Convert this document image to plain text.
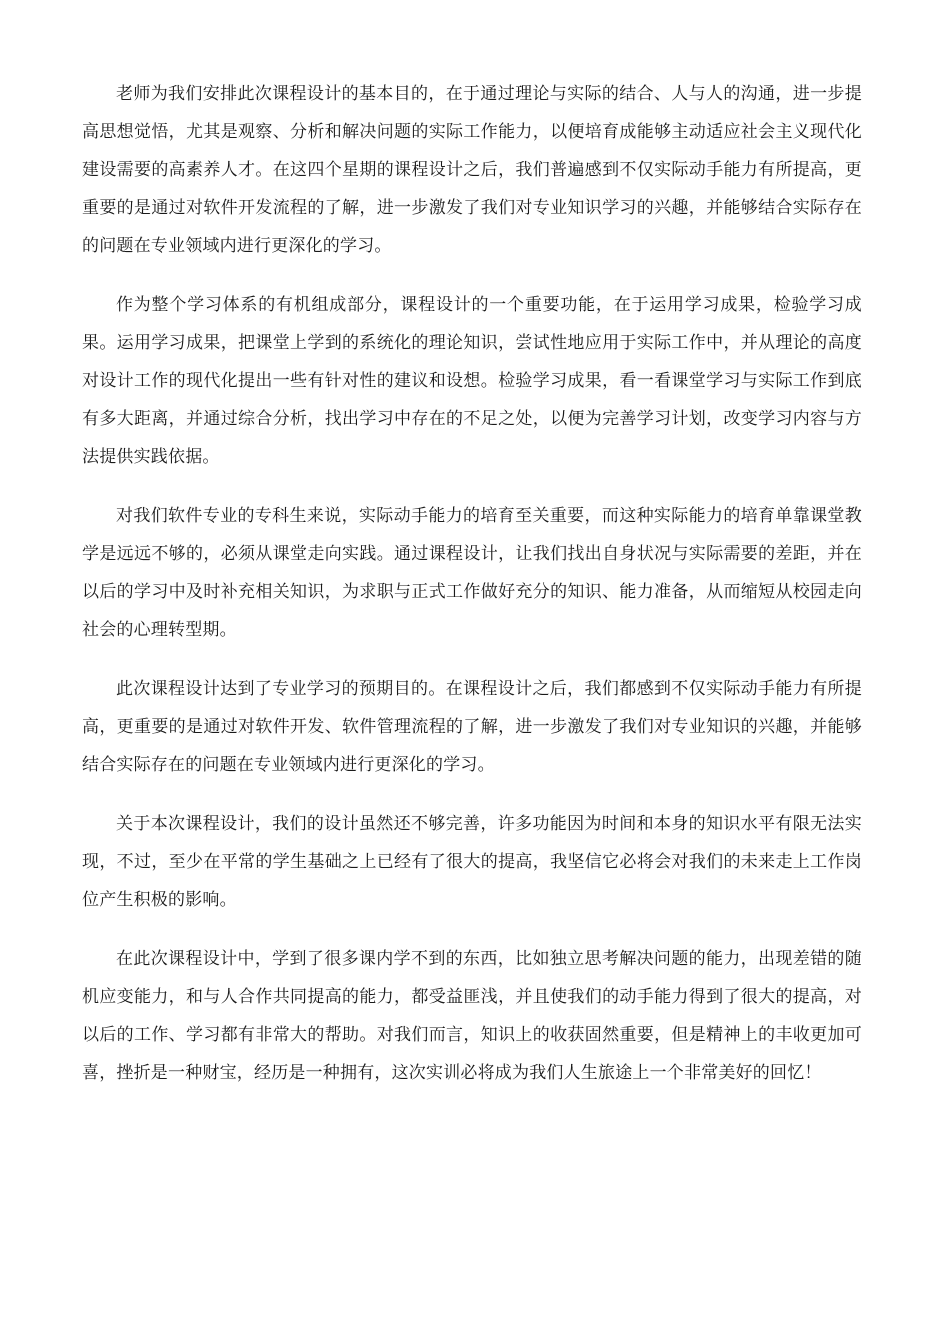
老师为我们安排此次课程设计的基本目的，在于通过理论与实际的结合、人与人的沟通，进一步提高思想觉悟，尤其是观察、分析和解决问题的实际工作能力，以便培育成能够主动适应社会主义现代化建设需要的高素养人才。在这四个星期的课程设计之后，我们普遍感到不仅实际动手能力有所提高，更重要的是通过对软件开发流程的了解，进一步激发了我们对专业知识学习的兴趣，并能够结合实际存在的问题在专业领域内进行更深化的学习。

作为整个学习体系的有机组成部分，课程设计的一个重要功能，在于运用学习成果，检验学习成果。运用学习成果，把课堂上学到的系统化的理论知识，尝试性地应用于实际工作中，并从理论的高度对设计工作的现代化提出一些有针对性的建议和设想。检验学习成果，看一看课堂学习与实际工作到底有多大距离，并通过综合分析，找出学习中存在的不足之处，以便为完善学习计划，改变学习内容与方法提供实践依据。

对我们软件专业的专科生来说，实际动手能力的培育至关重要，而这种实际能力的培育单靠课堂教学是远远不够的，必须从课堂走向实践。通过课程设计，让我们找出自身状况与实际需要的差距，并在以后的学习中及时补充相关知识，为求职与正式工作做好充分的知识、能力准备，从而缩短从校园走向社会的心理转型期。

此次课程设计达到了专业学习的预期目的。在课程设计之后，我们都感到不仅实际动手能力有所提高，更重要的是通过对软件开发、软件管理流程的了解，进一步激发了我们对专业知识的兴趣，并能够结合实际存在的问题在专业领域内进行更深化的学习。

关于本次课程设计，我们的设计虽然还不够完善，许多功能因为时间和本身的知识水平有限无法实现，不过，至少在平常的学生基础之上已经有了很大的提高，我坚信它必将会对我们的未来走上工作岗位产生积极的影响。

在此次课程设计中，学到了很多课内学不到的东西，比如独立思考解决问题的能力，出现差错的随机应变能力，和与人合作共同提高的能力，都受益匪浅，并且使我们的动手能力得到了很大的提高，对以后的工作、学习都有非常大的帮助。对我们而言，知识上的收获固然重要，但是精神上的丰收更加可喜，挫折是一种财宝，经历是一种拥有，这次实训必将成为我们人生旅途上一个非常美好的回忆！
